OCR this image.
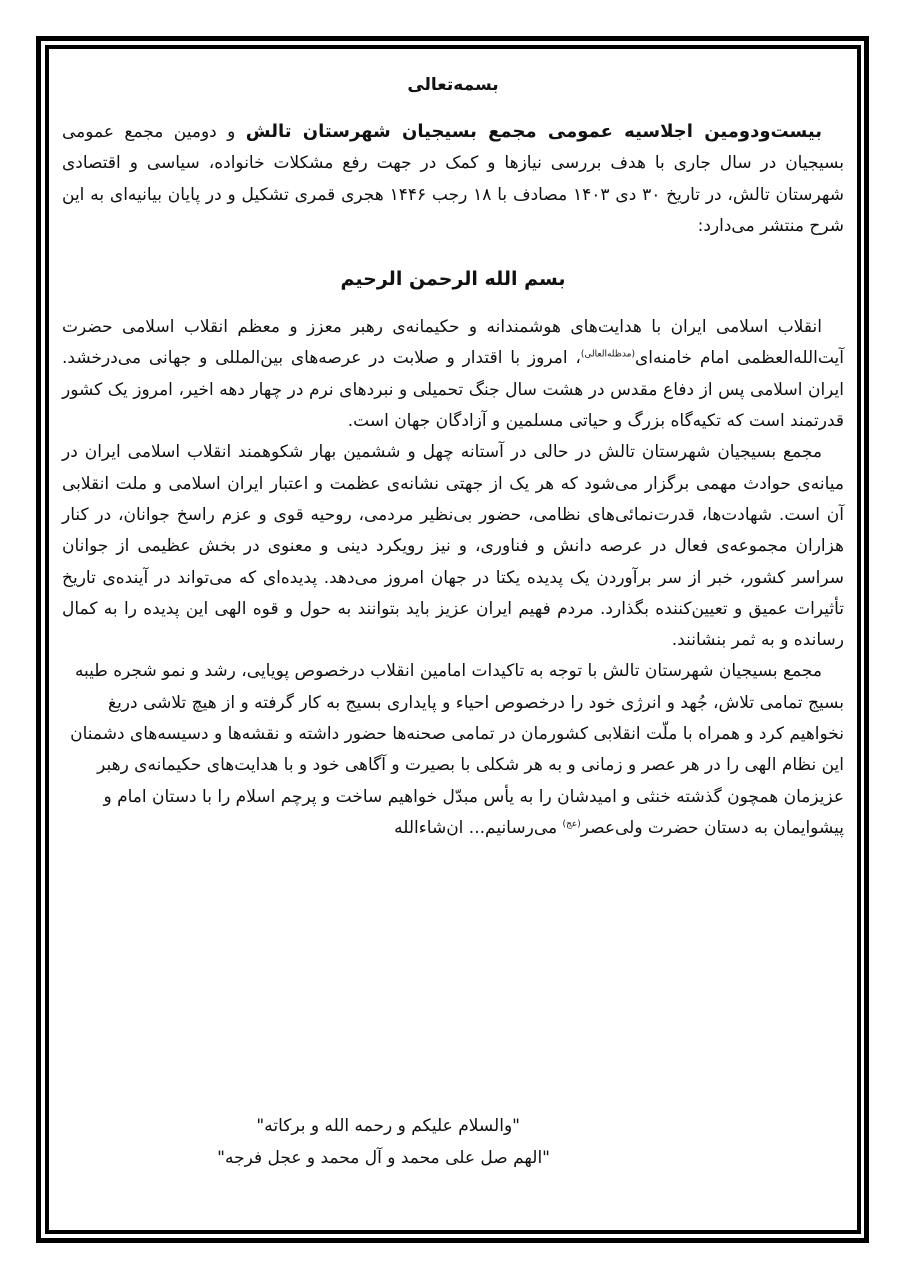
بسمه‌تعالی

بیست‌ودومین اجلاسیه عمومی مجمع بسیجیان شهرستان تالش و دومین مجمع عمومی بسیجیان در سال جاری با هدف بررسی نیازها و کمک در جهت رفع مشکلات خانواده، سیاسی و اقتصادی شهرستان تالش، در تاریخ ۳۰ دی ۱۴۰۳ مصادف با ۱۸ رجب ۱۴۴۶ هجری قمری تشکیل و در پایان بیانیه‌ای به این شرح منتشر می‌دارد:

بسم الله الرحمن الرحیم

انقلاب اسلامی ایران با هدایت‌های هوشمندانه و حکیمانه‌ی رهبر معزز و معظم انقلاب اسلامی حضرت آیت‌الله‌العظمی امام خامنه‌ای$^{(مدظله‌العالی)}$، امروز با اقتدار و صلابت در عرصه‌های بین‌المللی و جهانی می‌درخشد. ایران اسلامی پس از دفاع مقدس در هشت سال جنگ تحمیلی و نبردهای نرم در چهار دهه اخیر، امروز یک کشور قدرتمند است که تکیه‌گاه بزرگ و حیاتی مسلمین و آزادگان جهان است.

مجمع بسیجیان شهرستان تالش در حالی در آستانه چهل و ششمین بهار شکوهمند انقلاب اسلامی ایران در میانه‌ی حوادث مهمی برگزار می‌شود که هر یک از جهتی نشانه‌ی عظمت و اعتبار ایران اسلامی و ملت انقلابی آن است. شهادت‌ها، قدرت‌نمائی‌های نظامی، حضور بی‌نظیر مردمی، روحیه قوی و عزم راسخ جوانان، در کنار هزاران مجموعه‌ی فعال در عرصه دانش و فناوری، و نیز رویکرد دینی و معنوی در بخش عظیمی از جوانان سراسر کشور، خبر از سر برآوردن یک پدیده یکتا در جهان امروز می‌دهد. پدیده‌ای که می‌تواند در آینده‌ی تاریخ تأثیرات عمیق و تعیین‌کننده بگذارد. مردم فهیم ایران عزیز باید بتوانند به حول و قوه الهی این پدیده را به کمال رسانده و به ثمر بنشانند.

مجمع بسیجیان شهرستان تالش با توجه به تاکیدات امامین انقلاب درخصوص پویایی، رشد و نمو شجره طیبه بسیج تمامی تلاش، جُهد و انرژی خود را درخصوص احیاء و پایداری بسیج به کار گرفته و از هیچ تلاشی دریغ نخواهیم کرد و همراه با ملّت انقلابی کشورمان در تمامی صحنه‌ها حضور داشته و نقشه‌ها و دسیسه‌های دشمنان این نظام الهی را در هر عصر و زمانی و به هر شکلی با بصیرت و آگاهی خود و با هدایت‌های حکیمانه‌ی رهبر عزیزمان همچون گذشته خنثی و امیدشان را به یأس مبدّل خواهیم ساخت و پرچم اسلام را با دستان امام و پیشوایمان به دستان حضرت ولی‌عصر$^{(عج)}$ می‌رسانیم... ان‌شاءالله

"والسلام علیکم و رحمه الله و برکاته"
"الهم صل علی محمد و آل محمد و عجل فرجه"
